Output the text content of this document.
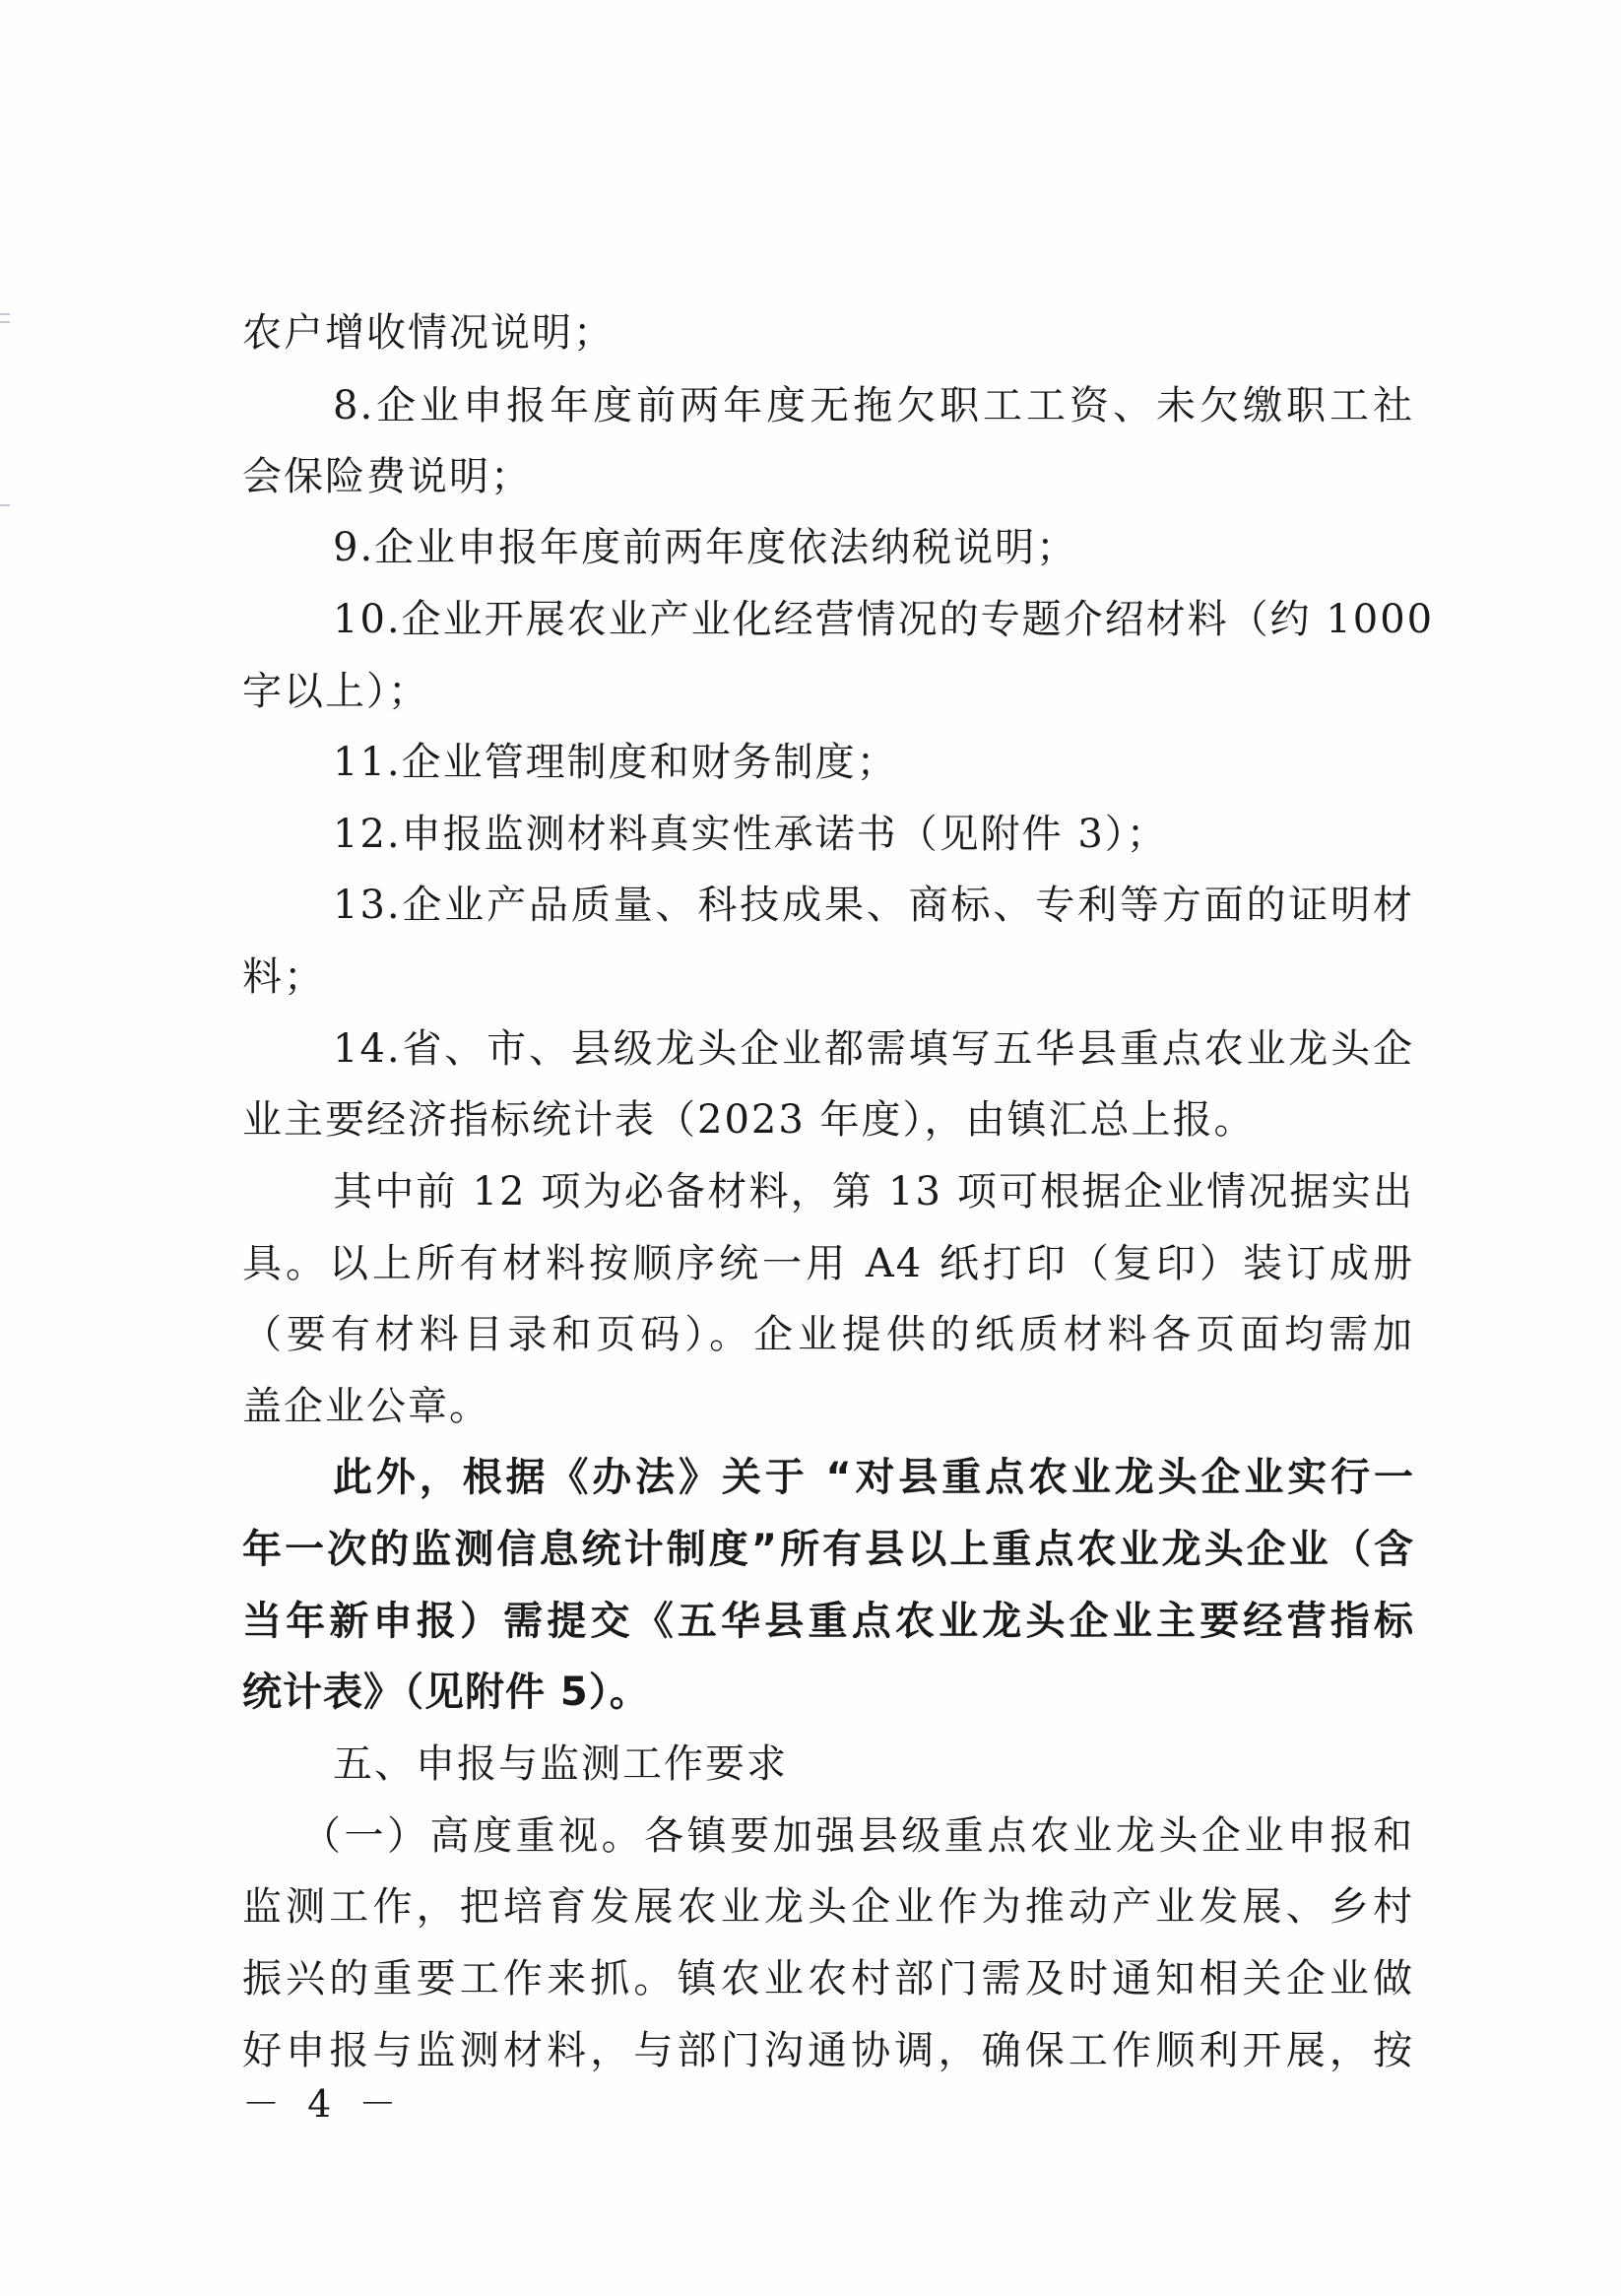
农户增收情况说明；
8.企业申报年度前两年度无拖欠职工工资、未欠缴职工社
会保险费说明；
9.企业申报年度前两年度依法纳税说明；
10.企业开展农业产业化经营情况的专题介绍材料（约 1000
字以上）；
11.企业管理制度和财务制度；
12.申报监测材料真实性承诺书（见附件 3）；
13.企业产品质量、科技成果、商标、专利等方面的证明材
料；
14.省、市、县级龙头企业都需填写五华县重点农业龙头企
业主要经济指标统计表（2023 年度），由镇汇总上报。
其中前 12 项为必备材料，第 13 项可根据企业情况据实出
具。以上所有材料按顺序统一用 A4 纸打印（复印）装订成册
（要有材料目录和页码）。企业提供的纸质材料各页面均需加
盖企业公章。
此外，根据《办法》关于 “对县重点农业龙头企业实行一
年一次的监测信息统计制度”所有县以上重点农业龙头企业（含
当年新申报）需提交《五华县重点农业龙头企业主要经营指标
统计表》（见附件 5）。
五、申报与监测工作要求
（一）高度重视。各镇要加强县级重点农业龙头企业申报和
监测工作，把培育发展农业龙头企业作为推动产业发展、乡村
振兴的重要工作来抓。镇农业农村部门需及时通知相关企业做
好申报与监测材料，与部门沟通协调，确保工作顺利开展，按
－ 4 －
